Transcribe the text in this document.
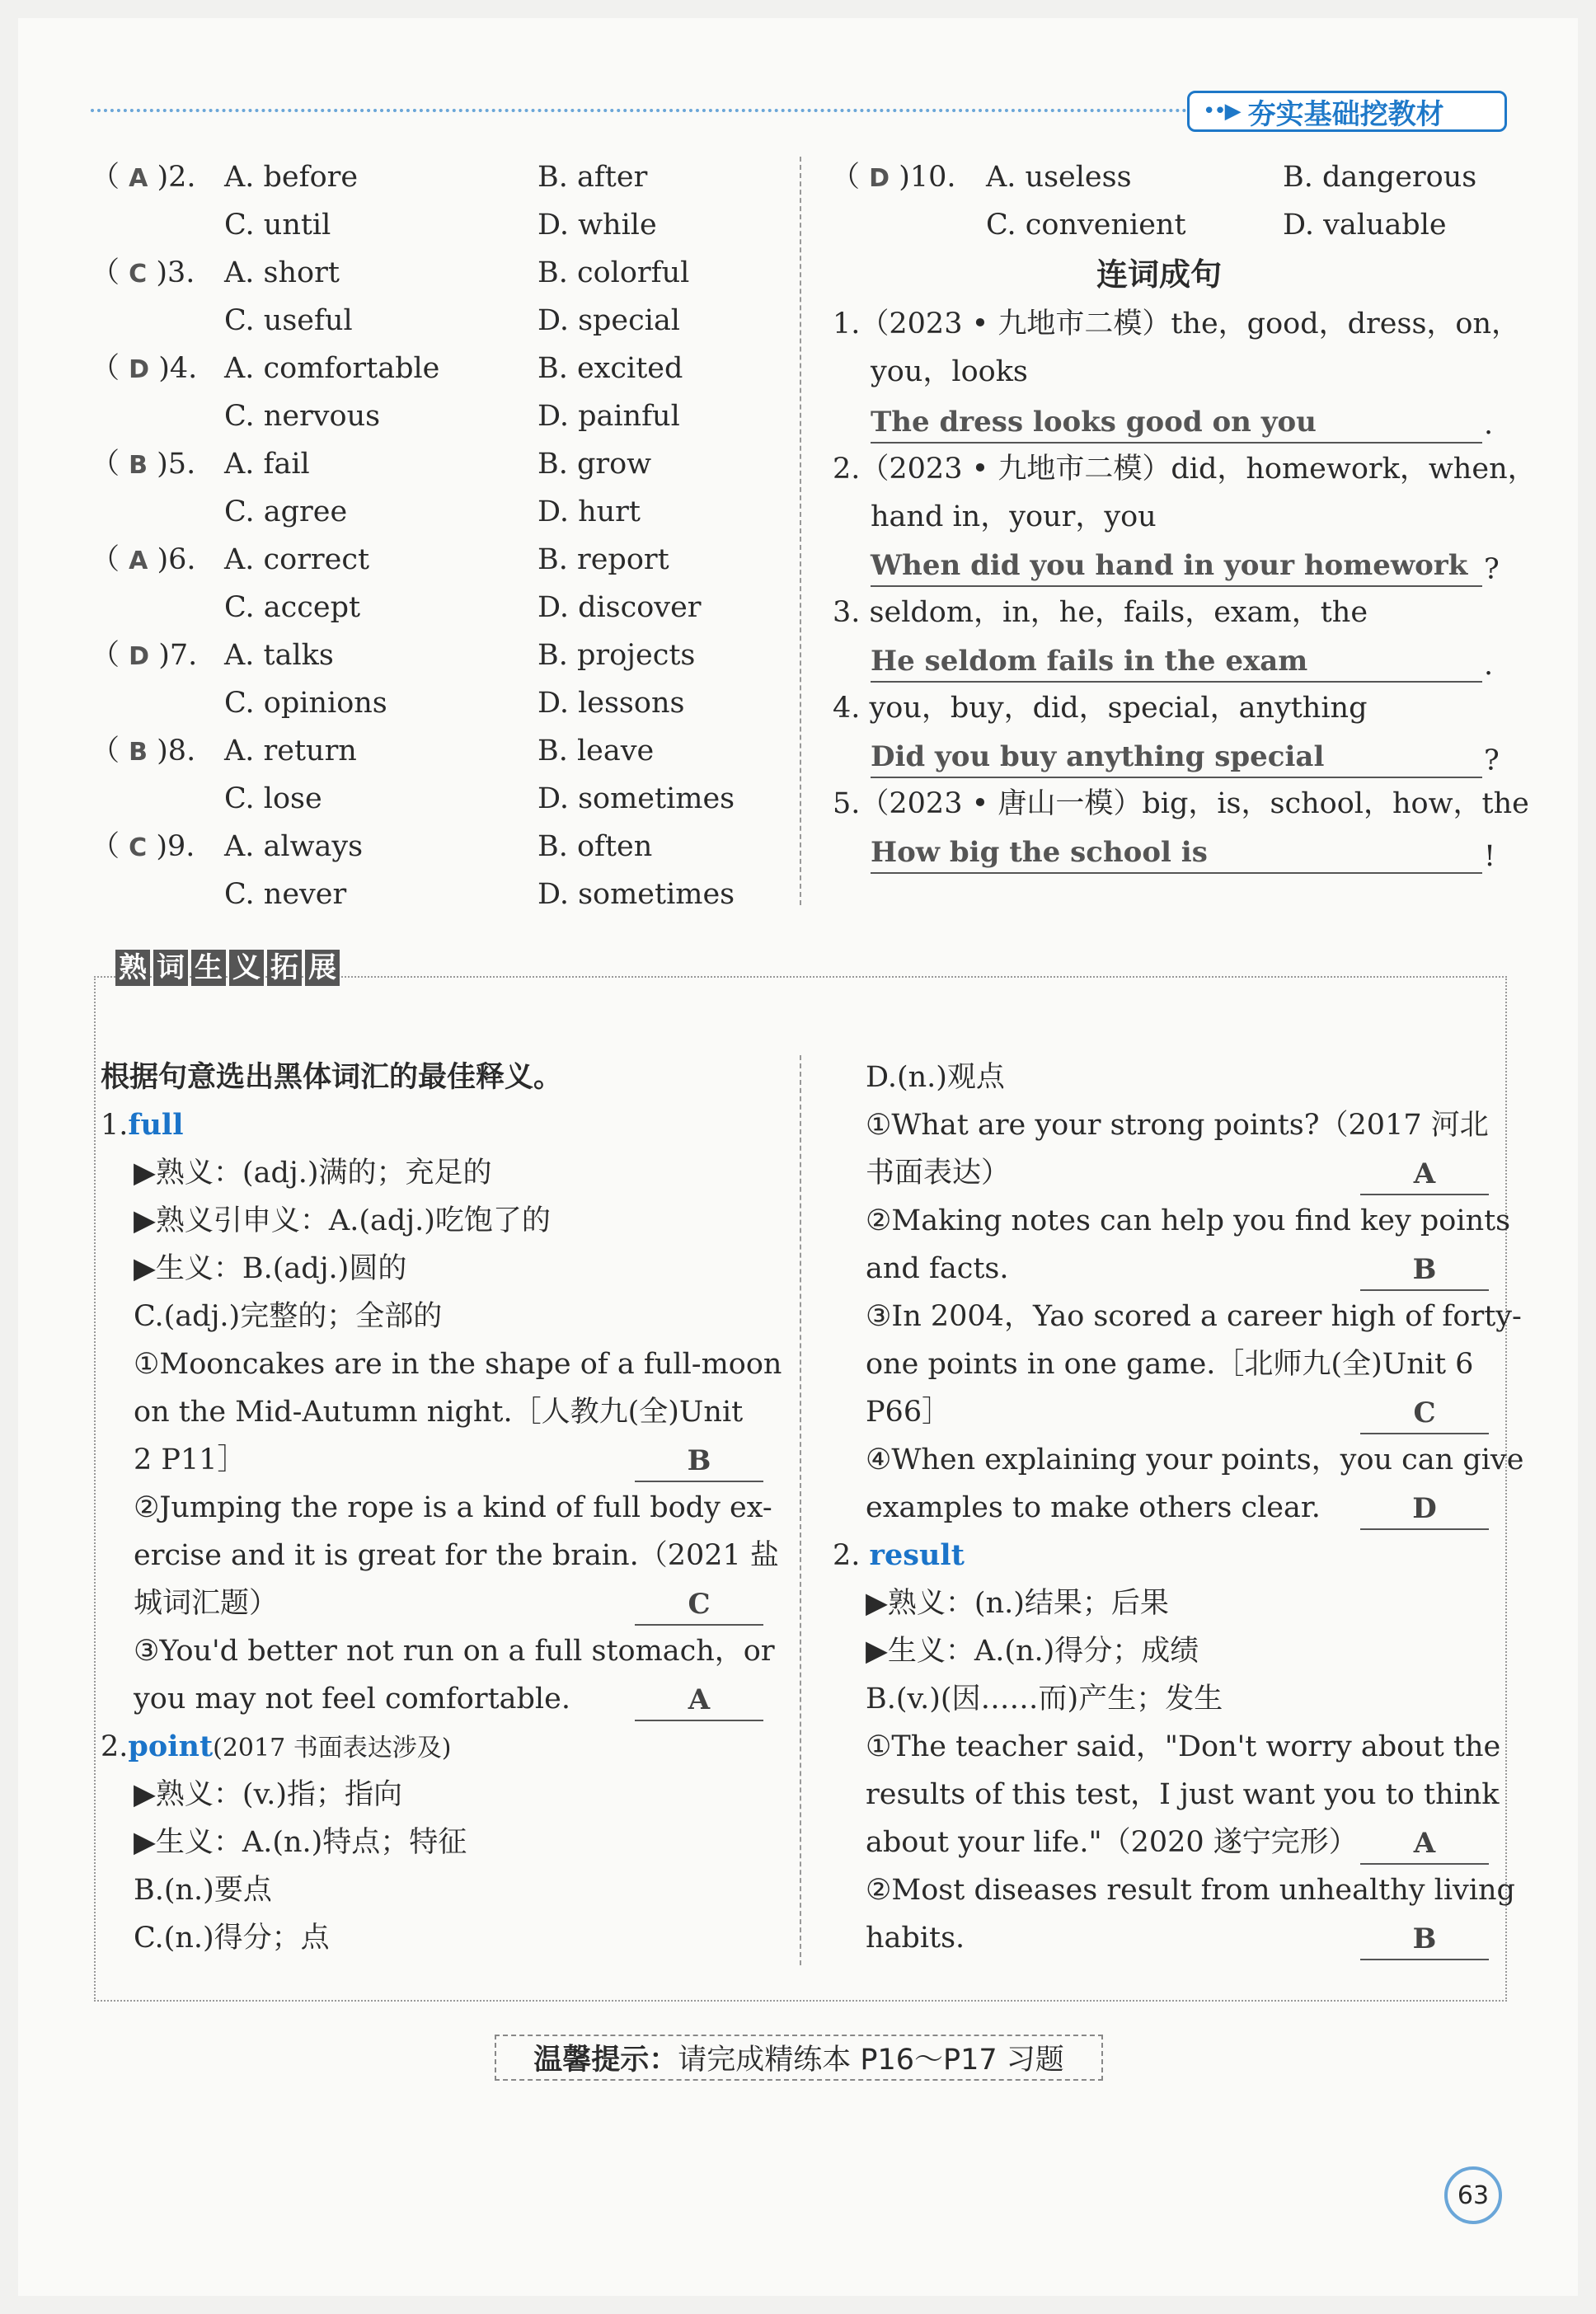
••▶ 夯实基础挖教材
（ A )2. A. before	B. after
C. until	D. while
（ C )3. A. short	B. colorful
C. useful	D. special
（ D )4. A. comfortable	B. excited
C. nervous	D. painful
（ B )5. A. fail	B. grow
C. agree	D. hurt
（ A )6. A. correct	B. report
C. accept	D. discover
（ D )7. A. talks	B. projects
C. opinions	D. lessons
（ B )8. A. return	B. leave
C. lose	D. sometimes
（ C )9. A. always	B. often
C. never	D. sometimes
（ D )10. A. useless	B. dangerous
C. convenient	D. valuable
连词成句
1.（2023 • 九地市二模）the，good，dress，on，
you，looks
The dress looks good on you	.
2.（2023 • 九地市二模）did，homework，when，
hand in，your，you
When did you hand in your homework ?
3. seldom，in，he，fails，exam，the
He seldom fails in the exam	.
4. you，buy，did，special，anything
Did you buy anything special	?
5.（2023 • 唐山一模）big，is，school，how，the
How big the school is	!
熟 词 生 义 拓 展
根据句意选出黑体词汇的最佳释义。
1.full
▶熟义：(adj.)满的；充足的
▶熟义引申义：A.(adj.)吃饱了的
▶生义：B.(adj.)圆的
C.(adj.)完整的；全部的
①Mooncakes are in the shape of a full-moon
on the Mid-Autumn night.［人教九(全)Unit
2 P11］	B
②Jumping the rope is a kind of full body ex-
ercise and it is great for the brain.（2021 盐
城词汇题）	C
③You'd better not run on a full stomach，or
you may not feel comfortable.	A
2.point(2017 书面表达涉及)
▶熟义：(v.)指；指向
▶生义：A.(n.)特点；特征
B.(n.)要点
C.(n.)得分；点
D.(n.)观点
①What are your strong points?（2017 河北
书面表达）	A
②Making notes can help you find key points
and facts.	B
③In 2004，Yao scored a career high of forty-
one points in one game.［北师九(全)Unit 6
P66］	C
④When explaining your points，you can give
examples to make others clear.	D
2. result
▶熟义：(n.)结果；后果
▶生义：A.(n.)得分；成绩
B.(v.)(因……而)产生；发生
①The teacher said，"Don't worry about the
results of this test，I just want you to think
about your life."（2020 遂宁完形）	A
②Most diseases result from unhealthy living
habits.	B
温馨提示： 请完成精练本 P16～P17 习题
63
